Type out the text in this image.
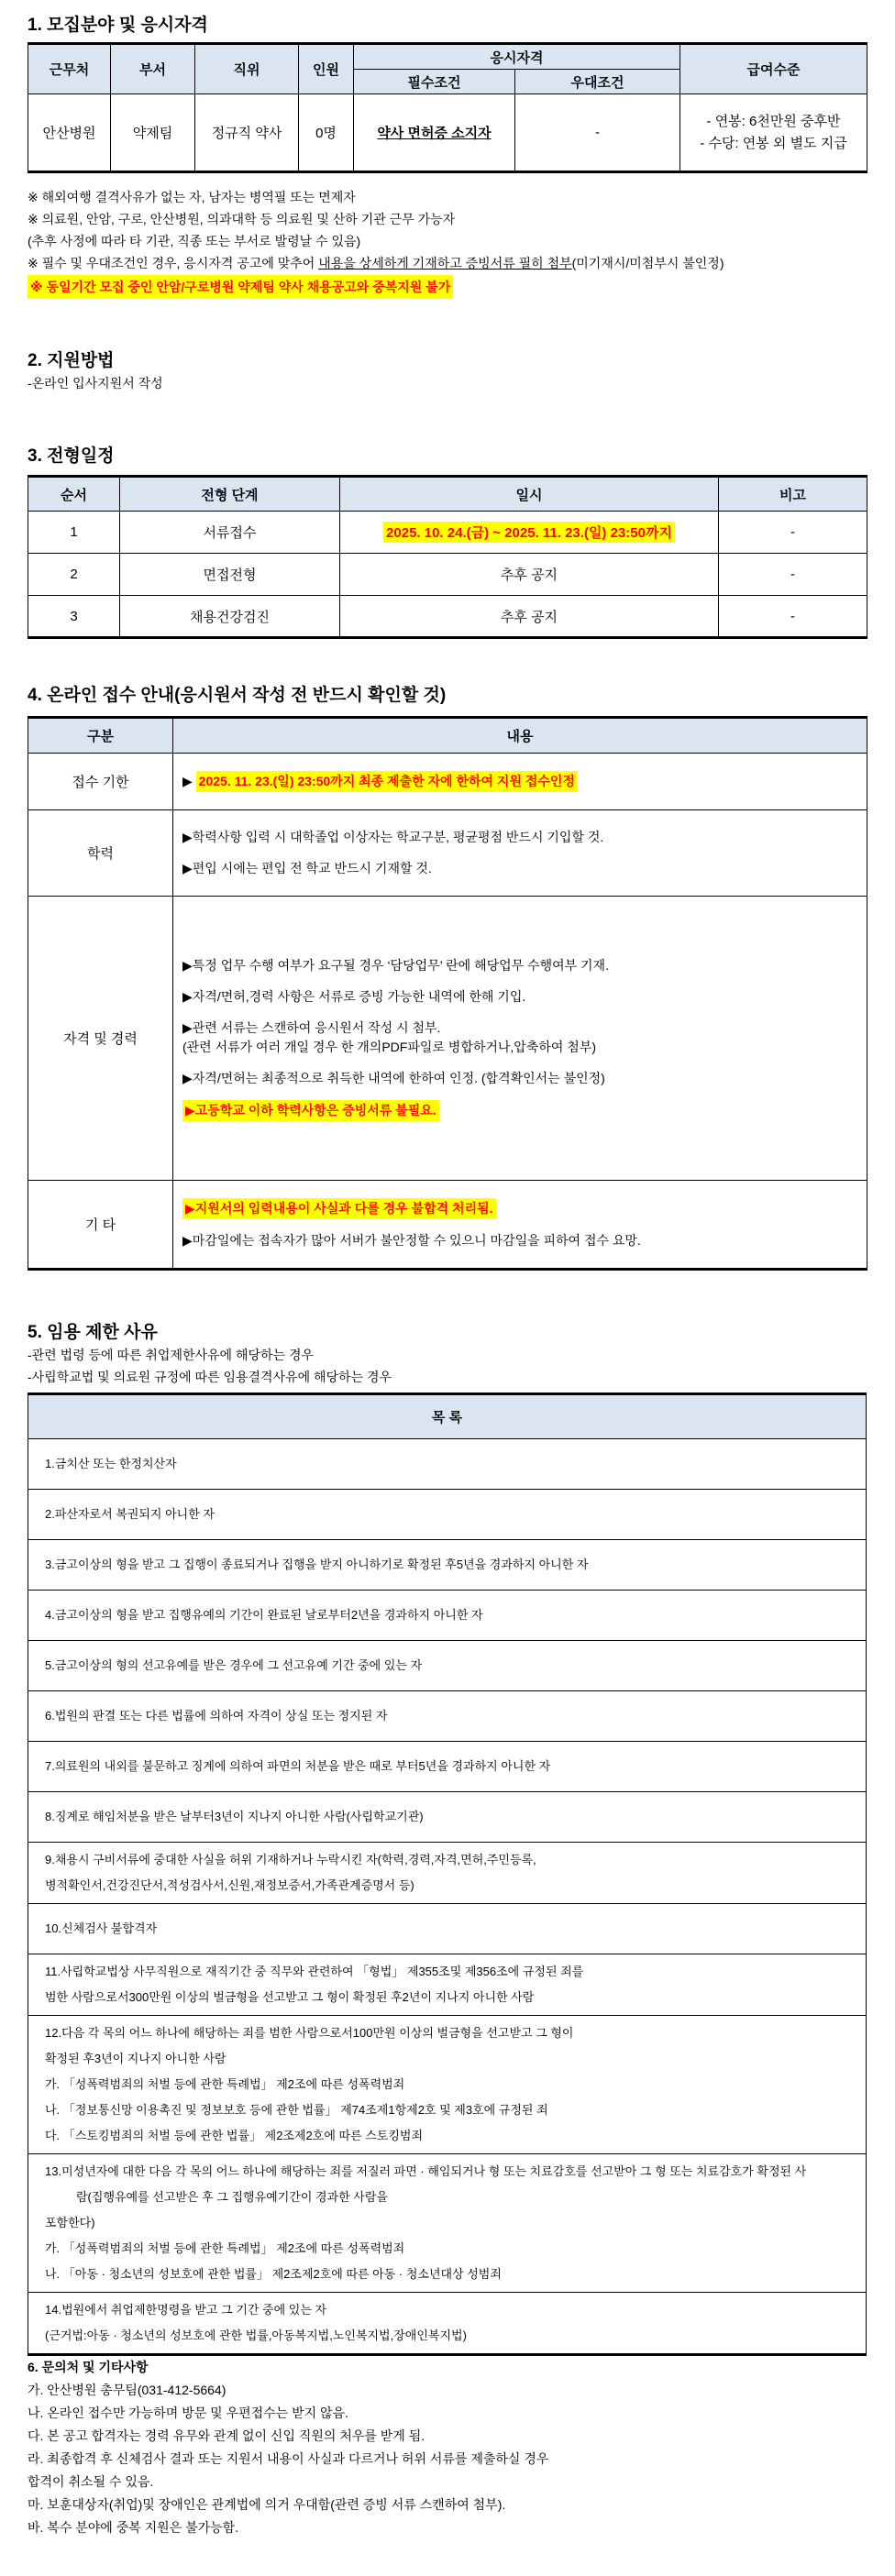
1. 모집분야 및 응시자격

근무처	부서	직위	인원	응시자격		급여수준
				필수조건	우대조건	
안산병원	약제팀	정규직 약사	0명	약사 면허증 소지자	-	- 연봉: 6천만원 중후반
- 수당: 연봉 외 별도 지급

※ 해외여행 결격사유가 없는 자, 남자는 병역필 또는 면제자

※ 의료원, 안암, 구로, 안산병원, 의과대학 등 의료원 및 산하 기관 근무 가능자

(추후 사정에 따라 타 기관, 직종 또는 부서로 발령날 수 있음)

※ 필수 및 우대조건인 경우, 응시자격 공고에 맞추어 내용을 상세하게 기재하고 증빙서류 필히 첨부(미기재시/미첨부시 불인정)

※ 동일기간 모집 중인 안암/구로병원 약제팀 약사 채용공고와 중복지원 불가

2. 지원방법

-온라인 입사지원서 작성

3. 전형일정

순서	전형 단계	일시	비고
1	서류접수	2025. 10. 24.(금) ~ 2025. 11. 23.(일) 23:50까지	-
2	면접전형	추후 공지	-
3	채용건강검진	추후 공지	-

4. 온라인 접수 안내(응시원서 작성 전 반드시 확인할 것)

구분	내용
접수 기한	▶ 2025. 11. 23.(일) 23:50까지 최종 제출한 자에 한하여 지원 접수인정

학력	▶학력사항 입력 시 대학졸업 이상자는 학교구분, 평균평점 반드시 기입할 것.
▶편입 시에는 편입 전 학교 반드시 기재할 것.

자격 및 경력	
▶특정 업무 수행 여부가 요구될 경우 ‘담당업무’ 란에 해당업무 수행여부 기재.
▶자격/면허,경력 사항은 서류로 증빙 가능한 내역에 한해 기입.
▶관련 서류는 스캔하여 응시원서 작성 시 첨부.
(관련 서류가 여러 개일 경우 한 개의PDF파일로 병합하거나,압축하여 첨부)
▶자격/면허는 최종적으로 취득한 내역에 한하여 인정. (합격확인서는 불인정)
▶고등학교 이하 학력사항은 증빙서류 불필요.

기 타	▶지원서의 입력내용이 사실과 다를 경우 불합격 처리됨.
▶마감일에는 접속자가 많아 서버가 불안정할 수 있으니 마감일을 피하여 접수 요망.

5. 임용 제한 사유

-관련 법령 등에 따른 취업제한사유에 해당하는 경우

-사립학교법 및 의료원 규정에 따른 임용결격사유에 해당하는 경우

목 록
1.금치산 또는 한정치산자
2.파산자로서 복권되지 아니한 자
3.금고이상의 형을 받고 그 집행이 종료되거나 집행을 받지 아니하기로 확정된 후5년을 경과하지 아니한 자
4.금고이상의 형을 받고 집행유예의 기간이 완료된 날로부터2년을 경과하지 아니한 자
5.금고이상의 형의 선고유예를 받은 경우에 그 선고유예 기간 중에 있는 자
6.법원의 판결 또는 다른 법률에 의하여 자격이 상실 또는 정지된 자
7.의료원의 내외를 불문하고 징계에 의하여 파면의 처분을 받은 때로 부터5년을 경과하지 아니한 자
8.징계로 해임처분을 받은 날부터3년이 지나지 아니한 사람(사립학교기관)
9.채용시 구비서류에 중대한 사실을 허위 기재하거나 누락시킨 자(학력,경력,자격,면허,주민등록,
병적확인서,건강진단서,적성검사서,신원,재정보증서,가족관계증명서 등)
10.신체검사 불합격자
11.사립학교법상 사무직원으로 재직기간 중 직무와 관련하여 「형법」 제355조및 제356조에 규정된 죄를
범한 사람으로서300만원 이상의 벌금형을 선고받고 그 형이 확정된 후2년이 지나지 아니한 사람
12.다음 각 목의 어느 하나에 해당하는 죄를 범한 사람으로서100만원 이상의 벌금형을 선고받고 그 형이
확정된 후3년이 지나지 아니한 사람
가. 「성폭력범죄의 처벌 등에 관한 특례법」 제2조에 따른 성폭력범죄
나. 「정보통신망 이용촉진 및 정보보호 등에 관한 법률」 제74조제1항제2호 및 제3호에 규정된 죄
다. 「스토킹범죄의 처벌 등에 관한 법률」 제2조제2호에 따른 스토킹범죄
13.미성년자에 대한 다음 각 목의 어느 하나에 해당하는 죄를 저질러 파면 · 해임되거나 형 또는 치료감호를 선고받아 그 형 또는 치료감호가 확정된 사
람(집행유예를 선고받은 후 그 집행유예기간이 경과한 사람을
포함한다)
가. 「성폭력범죄의 처벌 등에 관한 특례법」 제2조에 따른 성폭력범죄
나. 「아동 · 청소년의 성보호에 관한 법률」 제2조제2호에 따른 아동 · 청소년대상 성범죄
14.법원에서 취업제한명령을 받고 그 기간 중에 있는 자
(근거법:아동 · 청소년의 성보호에 관한 법률,아동복지법,노인복지법,장애인복지법)

6. 문의처 및 기타사항

가. 안산병원 총무팀(031-412-5664)

나. 온라인 접수만 가능하며 방문 및 우편접수는 받지 않음.

다. 본 공고 합격자는 경력 유무와 관계 없이 신입 직원의 처우를 받게 됨.

라. 최종합격 후 신체검사 결과 또는 지원서 내용이 사실과 다르거나 허위 서류를 제출하실 경우

합격이 취소될 수 있음.

마. 보훈대상자(취업)및 장애인은 관계법에 의거 우대함(관련 증빙 서류 스캔하여 첨부).

바. 복수 분야에 중복 지원은 불가능함.
